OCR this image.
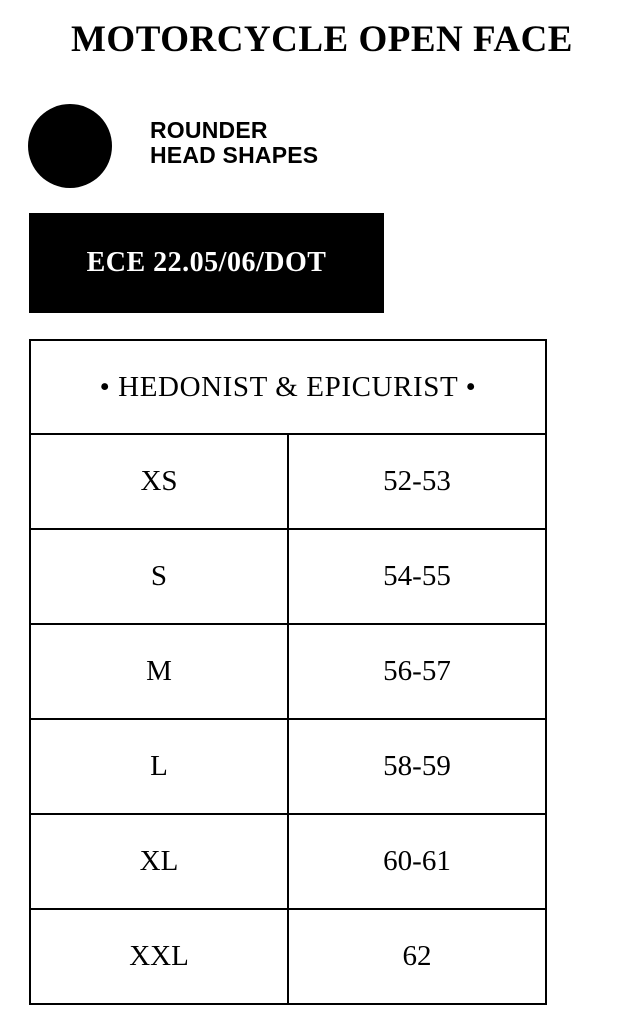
MOTORCYCLE OPEN FACE
ROUNDER
HEAD SHAPES
ECE 22.05/06/DOT
• HEDONIST & EPICURIST •	
XS	52-53
S	54-55
M	56-57
L	58-59
XL	60-61
XXL	62
